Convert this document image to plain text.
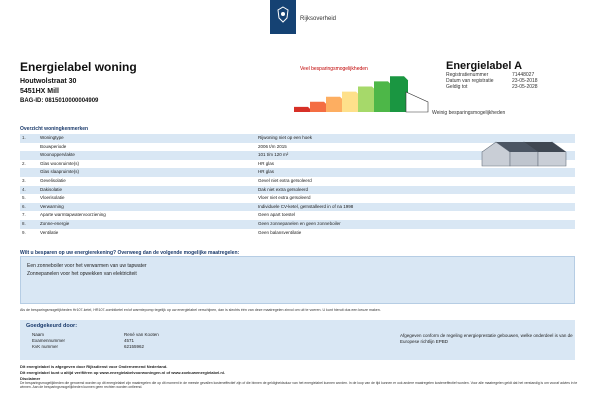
Rijksoverheid
Energielabel woning
Houtwolstraat 30
5451HX Mill
BAG-ID: 0815010000004909
Veel besparingsmogelijkheden
Weinig besparingsmogelijkheden
Energielabel A
Registratienummer	71448027
Datum van registratie	23-05-2018
Geldig tot	23-05-2028
Overzicht woningkenmerken
1.	Woningtype	Rijwoning niet op een hoek
Bouwperiode	2006 t/m 2015
Woonoppervlakte	101 t/m 120 m²
2.	Glas woonruimte(s)	HR glas
Glas slaapruimte(s)	HR glas
3.	Gevelisolatie	Gevel niet extra geïsoleerd
4.	Dakisolatie	Dak niet extra geïsoleerd
5.	Vloerisolatie	Vloer niet extra geïsoleerd
6.	Verwarming	Individuele CV-ketel, geïnstalleerd in of na 1998
7.	Aparte warmtapwatervoorziening	Geen apart toestel
8.	Zonne-energie	Geen zonnepanelen en geen zonneboiler
9.	Ventilatie	Geen balansventilatie
Wilt u besparen op uw energierekening? Overweeg dan de volgende mogelijke maatregelen:
Een zonneboiler voor het verwarmen van uw tapwater
Zonnepanelen voor het opwekken van elektriciteit
Als de besparingsmogelijkheden Hr107-ketel, HR107-combiketel en/of warmtepomp tegelijk op uw energielabel verschijnen, dan is slechts één van deze maatregelen zinvol om uit te voeren. U kunt hieruit dus een keuze maken.
Goedgekeurd door:
Naam	René van Kooten
Examennummer	4571
KvK nummer	62155962
Afgegeven conform de regeling energieprestatie gebouwen, welke onderdeel is van de Europese richtlijn EPBD
Dit energielabel is afgegeven door Rijksdienst voor Ondernemend Nederland.
Dit energielabel kunt u altijd verifiëren op www.energielabelvoorwoningen.nl of www.zoekuwenergielabel.nl.
Disclaimer
De besparingsmogelijkheden die genoemd worden op dit energielabel zijn maatregelen die op dit moment in de meeste gevallen kosteneffectief zijn of die binnen de geldigheidsduur van het energielabel kunnen worden. In de loop van de tijd kunnen er ook andere maatregelen kosteneffectief worden. Voor alle maatregelen geldt dat het verstandig is om vooraf advies in te winnen. Aan de besparingsmogelijkheden kunnen geen rechten worden ontleend.
